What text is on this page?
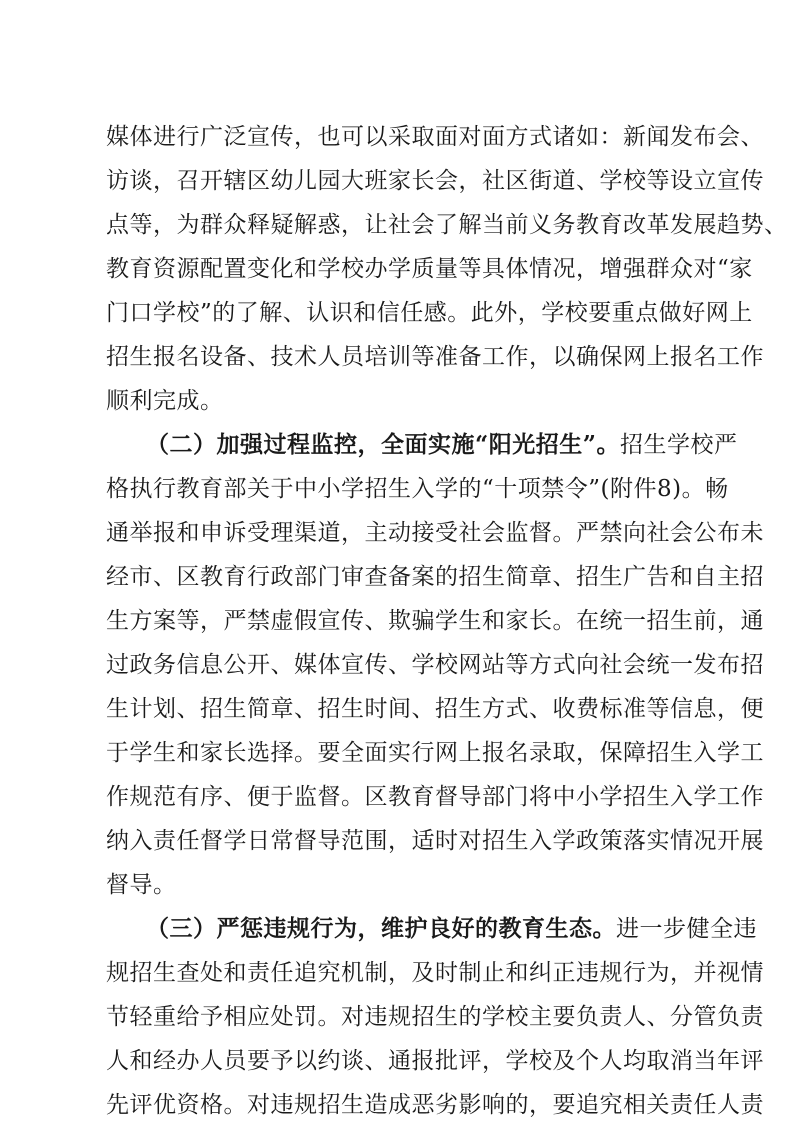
媒体进行广泛宣传，也可以采取面对面方式诸如：新闻发布会、
访谈，召开辖区幼儿园大班家长会，社区街道、学校等设立宣传
点等，为群众释疑解惑，让社会了解当前义务教育改革发展趋势、
教育资源配置变化和学校办学质量等具体情况，增强群众对“家
门口学校”的了解、认识和信任感。此外，学校要重点做好网上
招生报名设备、技术人员培训等准备工作，以确保网上报名工作
顺利完成。
（二）加强过程监控，全面实施“阳光招生”。招生学校严
格执行教育部关于中小学招生入学的“十项禁令”(附件8)。畅
通举报和申诉受理渠道，主动接受社会监督。严禁向社会公布未
经市、区教育行政部门审查备案的招生简章、招生广告和自主招
生方案等，严禁虚假宣传、欺骗学生和家长。在统一招生前，通
过政务信息公开、媒体宣传、学校网站等方式向社会统一发布招
生计划、招生简章、招生时间、招生方式、收费标准等信息，便
于学生和家长选择。要全面实行网上报名录取，保障招生入学工
作规范有序、便于监督。区教育督导部门将中小学招生入学工作
纳入责任督学日常督导范围，适时对招生入学政策落实情况开展
督导。
（三）严惩违规行为，维护良好的教育生态。进一步健全违
规招生查处和责任追究机制，及时制止和纠正违规行为，并视情
节轻重给予相应处罚。对违规招生的学校主要负责人、分管负责
人和经办人员要予以约谈、通报批评，学校及个人均取消当年评
先评优资格。对违规招生造成恶劣影响的，要追究相关责任人责
